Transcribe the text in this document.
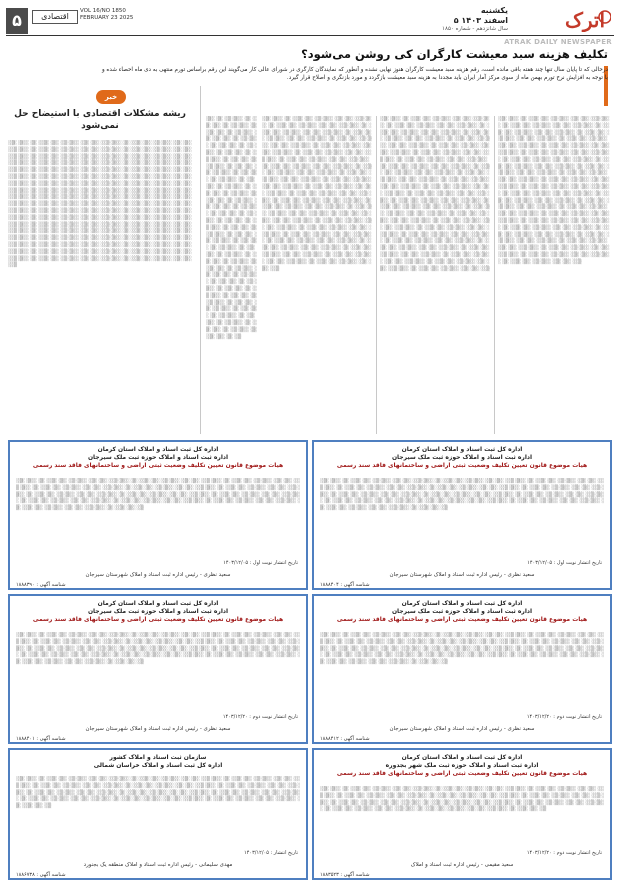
۵	اقتصادی
VOL 16/NO 1850
FEBRUARY 23 2025
یکشنبه
۵ اسفند ۱۴۰۳
سال شانزدهم - شماره ۱۸۵۰	اترک
ATRAK DAILY NEWSPAPER
تکلیف هزینه سبد معیشت کارگران کی روشن می‌شود؟
درحالی که تا پایان سال تنها چند هفته باقی مانده است، رقم هزینه سبد معیشت کارگران هنوز نهایی نشده و آنطور که نمایندگان کارگری در شورای عالی کار می‌گویند این رقم براساس تورم منتهی به دی ماه احصاء شده و با توجه به افزایش نرخ تورم بهمن ماه از سوی مرکز آمار ایران باید مجددا به هزینه سبد معیشت بازگردد و مورد بازنگری و اصلاح قرار گیرد.
░░▒░ ░▒░░░ ░▒░ ░░░▒░ ░▒░░ ░░▒ ░▒░░░ ░░▒░ ░▒░░ ░░░▒ ░▒░░░ ░▒░ ░░░▒░ ░▒░░ ░░▒ ░▒░░░ ░░▒░ ░▒░░ ░░░▒ ░▒░░░ ░▒░ ░░░▒░ ░▒░░ ░░▒ ░▒░░░ ░░▒░ ░▒░░ ░░░▒ ░▒░░░ ░▒░ ░░░▒░ ░▒░░ ░░▒ ░▒░░░ ░░▒░ ░▒░░ ░░░▒ ░▒░░░ ░▒░ ░░░▒░ ░▒░░ ░░▒ ░▒░░░ ░░▒░ ░▒░░ ░░░▒ ░▒░░░ ░▒░ ░░░▒░ ░▒░░ ░░▒ ░▒░░░ ░░▒░ ░▒░░ ░░░▒ ░▒░░░ ░▒░ ░░░▒░ ░▒░░ ░░▒ ░▒░░░ ░░▒░ ░▒░░ ░░░▒ ░▒░░░ ░▒░ ░░░▒░ ░▒░░ ░░▒ ░▒░░░ ░░▒░ ░▒░░ ░░░▒ ░▒░░░ ░▒░ ░░░▒░ ░▒░░ ░░▒ ░▒░░░ ░░▒░ ░▒░░ ░░░▒ ░▒░░░ ░▒░ ░░░▒░ ░▒░░ ░░▒ ░▒░░░ ░░▒░ ░▒░░ ░░░▒ ░▒░░░ ░▒░ ░░░▒░ ░▒░░ ░░▒ ░▒░░░ ░░▒░ ░▒░░ ░░░▒ ░▒░░░ ░▒░ ░░░▒░ ░▒░░ ░░▒ ░▒░░░ ░░▒░ ░▒░░ ░░░▒ ░▒░░░ ░▒░ ░░░▒░ ░▒░░ ░░▒ ░▒░░░ ░░▒░ ░▒░░ ░░░▒ ░▒░░░ ░▒░ ░░░▒░ ░▒░░ ░░▒ ░▒░░░ ░░▒░ ░▒░░ ░░░▒ ░▒░░░ ░▒░ ░░░▒░ ░▒░░ ░░▒ ░▒░░░ ░░▒░ ░▒░░ ░░░▒ ░▒░░░ ░▒░ ░░░▒░ ░▒░░ ░░▒ ░▒░░░ ░░▒░ ░▒░░ ░░░▒ ░▒░░░ ░▒░ ░░░▒░ ░▒░░ ░░▒ ░▒░░░ ░░▒░ ░▒░░ ░░░▒ ░▒░░░ ░▒░ ░░░▒░ ░▒░░ ░░▒ ░▒░░░ ░░▒░ ░▒░░ ░░░▒ ░▒░░░ ░▒░ ░░░▒░ ░▒░░ ░░▒ ░▒░░░ ░░▒░ ░▒░░ ░░░▒ ░▒░░░ ░▒░ ░░░▒░ ░▒░░ ░░▒ ░▒░░░ ░░▒░ ░▒░░ ░░░▒ ░▒░░░ ░▒░ ░░░▒░ ░▒░░ ░░▒ ░▒░░░ ░░▒░ ░▒░░ ░░░▒ ░▒░░░ ░▒░ ░░░▒░ ░▒░░ ░░▒ ░▒░░░ ░░▒░ ░▒░░ ░░░▒ ░▒░░░ ░▒░ ░░░▒░ ░▒░░ ░░▒ ░▒░░░ ░░▒░ ░▒░░ ░░░▒ ░▒░░░ ░▒░ ░░░▒░ ░▒░░ ░░▒ ░▒░░░ ░░▒░ ░▒░░ ░░░▒ ░▒░░░ ░▒░ ░░░▒░ ░▒░░ ░░▒ ░▒░░░ ░░▒░ ░▒░░ ░░░▒ ░▒░░░ ░▒░ ░░░▒░ ░▒░░ ░░▒ ░▒░░░ ░░▒░ ░▒░░ ░░░▒
░░▒░ ░▒░░░ ░▒░ ░░░▒░ ░▒░░ ░░▒ ░▒░░░ ░░▒░ ░▒░░ ░░░▒ ░▒░░░ ░▒░ ░░░▒░ ░▒░░ ░░▒ ░▒░░░ ░░▒░ ░▒░░ ░░░▒ ░▒░░░ ░▒░ ░░░▒░ ░▒░░ ░░▒ ░▒░░░ ░░▒░ ░▒░░ ░░░▒ ░▒░░░ ░▒░ ░░░▒░ ░▒░░ ░░▒ ░▒░░░ ░░▒░ ░▒░░ ░░░▒ ░▒░░░ ░▒░ ░░░▒░ ░▒░░ ░░▒ ░▒░░░ ░░▒░ ░▒░░ ░░░▒ ░▒░░░ ░▒░ ░░░▒░ ░▒░░ ░░▒ ░▒░░░ ░░▒░ ░▒░░ ░░░▒ ░▒░░░ ░▒░ ░░░▒░ ░▒░░ ░░▒ ░▒░░░ ░░▒░ ░▒░░ ░░░▒ ░▒░░░ ░▒░ ░░░▒░ ░▒░░ ░░▒ ░▒░░░ ░░▒░ ░▒░░ ░░░▒ ░▒░░░ ░▒░ ░░░▒░ ░▒░░ ░░▒ ░▒░░░ ░░▒░ ░▒░░ ░░░▒ ░▒░░░ ░▒░ ░░░▒░ ░▒░░ ░░▒ ░▒░░░ ░░▒░ ░▒░░ ░░░▒ ░▒░░░ ░▒░ ░░░▒░ ░▒░░ ░░▒ ░▒░░░ ░░▒░ ░▒░░ ░░░▒ ░▒░░░ ░▒░ ░░░▒░ ░▒░░ ░░▒ ░▒░░░ ░░▒░ ░▒░░ ░░░▒ ░▒░░░ ░▒░ ░░░▒░ ░▒░░ ░░▒ ░▒░░░ ░░▒░ ░▒░░ ░░░▒ ░▒░░░ ░▒░ ░░░▒░ ░▒░░ ░░▒ ░▒░░░ ░░▒░ ░▒░░ ░░░▒ ░▒░░░ ░▒░ ░░░▒░ ░▒░░ ░░▒ ░▒░░░ ░░▒░ ░▒░░ ░░░▒ ░▒░░░ ░▒░ ░░░▒░ ░▒░░ ░░▒ ░▒░░░ ░░▒░ ░▒░░ ░░░▒ ░▒░░░ ░▒░ ░░░▒░ ░▒░░ ░░▒ ░▒░░░ ░░▒░ ░▒░░ ░░░▒ ░▒░░░ ░▒░ ░░░▒░ ░▒░░ ░░▒ ░▒░░░ ░░▒░ ░▒░░ ░░░▒ ░▒░░░ ░▒░ ░░░▒░ ░▒░░ ░░▒ ░▒░░░ ░░▒░ ░▒░░ ░░░▒ ░▒░░░ ░▒░ ░░░▒░ ░▒░░ ░░▒ ░▒░░░ ░░▒░ ░▒░░ ░░░▒ ░▒░░░ ░▒░ ░░░▒░ ░▒░░ ░░▒ ░▒░░░ ░░▒░ ░▒░░ ░░░▒ ░▒░░░ ░▒░ ░░░▒░ ░▒░░ ░░▒ ░▒░░░ ░░▒░ ░▒░░ ░░░▒ ░▒░░░ ░▒░ ░░░▒░ ░▒░░ ░░▒ ░▒░░░ ░░▒░ ░▒░░ ░░░▒ ░▒░░░ ░▒░ ░░░▒░ ░▒░░ ░░▒ ░▒░░░ ░░▒░ ░▒░░ ░░░▒ ░▒░░░ ░▒░ ░░░▒░ ░▒░░ ░░▒ ░▒░░░ ░░▒░ ░▒░░ ░░░▒ ░▒░░░ ░▒░ ░░░▒░ ░▒░░ ░░▒ ░▒░░░ ░░▒░ ░▒░░ ░░░▒ ░▒░░░ ░▒░ ░░░▒░ ░▒░░ ░░▒ ░▒░░░ ░░▒░ ░▒░░ ░░░▒
░░▒░ ░▒░░░ ░▒░ ░░░▒░ ░▒░░ ░░▒ ░▒░░░ ░░▒░ ░▒░░ ░░░▒ ░▒░░░ ░▒░ ░░░▒░ ░▒░░ ░░▒ ░▒░░░ ░░▒░ ░▒░░ ░░░▒ ░▒░░░ ░▒░ ░░░▒░ ░▒░░ ░░▒ ░▒░░░ ░░▒░ ░▒░░ ░░░▒ ░▒░░░ ░▒░ ░░░▒░ ░▒░░ ░░▒ ░▒░░░ ░░▒░ ░▒░░ ░░░▒ ░▒░░░ ░▒░ ░░░▒░ ░▒░░ ░░▒ ░▒░░░ ░░▒░ ░▒░░ ░░░▒ ░▒░░░ ░▒░ ░░░▒░ ░▒░░ ░░▒ ░▒░░░ ░░▒░ ░▒░░ ░░░▒ ░▒░░░ ░▒░ ░░░▒░ ░▒░░ ░░▒ ░▒░░░ ░░▒░ ░▒░░ ░░░▒ ░▒░░░ ░▒░ ░░░▒░ ░▒░░ ░░▒ ░▒░░░ ░░▒░ ░▒░░ ░░░▒ ░▒░░░ ░▒░ ░░░▒░ ░▒░░ ░░▒ ░▒░░░ ░░▒░ ░▒░░ ░░░▒ ░▒░░░ ░▒░ ░░░▒░ ░▒░░ ░░▒ ░▒░░░ ░░▒░ ░▒░░ ░░░▒ ░▒░░░ ░▒░ ░░░▒░ ░▒░░ ░░▒ ░▒░░░ ░░▒░ ░▒░░ ░░░▒ ░▒░░░ ░▒░ ░░░▒░ ░▒░░ ░░▒ ░▒░░░ ░░▒░ ░▒░░ ░░░▒ ░▒░░░ ░▒░ ░░░▒░ ░▒░░ ░░▒ ░▒░░░ ░░▒░ ░▒░░ ░░░▒ ░▒░░░ ░▒░ ░░░▒░ ░▒░░ ░░▒ ░▒░░░ ░░▒░ ░▒░░ ░░░▒ ░▒░░░ ░▒░ ░░░▒░ ░▒░░ ░░▒ ░▒░░░ ░░▒░ ░▒░░ ░░░▒ ░▒░░░ ░▒░ ░░░▒░ ░▒░░ ░░▒ ░▒░░░ ░░▒░ ░▒░░ ░░░▒ ░▒░░░ ░▒░ ░░░▒░ ░▒░░ ░░▒ ░▒░░░ ░░▒░ ░▒░░ ░░░▒ ░▒░░░ ░▒░ ░░░▒░ ░▒░░ ░░▒ ░▒░░░ ░░▒░ ░▒░░ ░░░▒ ░▒░░░ ░▒░ ░░░▒░ ░▒░░ ░░▒ ░▒░░░ ░░▒░ ░▒░░ ░░░▒ ░▒░░░ ░▒░ ░░░▒░ ░▒░░ ░░▒ ░▒░░░ ░░▒░ ░▒░░ ░░░▒ ░▒░░░ ░▒░ ░░░▒░ ░▒░░ ░░▒ ░▒░░░ ░░▒░ ░▒░░ ░░░▒ ░▒░░░ ░▒░ ░░░▒░ ░▒░░ ░░▒ ░▒░░░ ░░▒░ ░▒░░ ░░░▒ ░▒░░░ ░▒░ ░░░▒░ ░▒░░ ░░▒ ░▒░░░ ░░▒░ ░▒░░ ░░░▒ ░▒░░░ ░▒░ ░░░▒░ ░▒░░ ░░▒ ░▒░░░ ░░▒░ ░▒░░ ░░░▒ ░▒░░░ ░▒░ ░░░▒░ ░▒░░ ░░▒ ░▒░░░ ░░▒░ ░▒░░ ░░░▒ ░▒░░░ ░▒░ ░░░▒░ ░▒░░ ░░▒ ░▒░░░ ░░▒░ ░▒░░ ░░░▒
░▒░░ ░▒░ ░░▒ ░▒░░░ ░▒░ ░░▒░ ░▒░░ ░▒░ ░░▒ ░▒░░░ ░▒░ ░░▒░ ░▒░░ ░▒░ ░░▒ ░▒░░░ ░▒░ ░░▒░ ░▒░░ ░▒░ ░░▒ ░▒░░░ ░▒░ ░░▒░ ░▒░░ ░▒░ ░░▒ ░▒░░░ ░▒░ ░░▒░ ░▒░░ ░▒░ ░░▒ ░▒░░░ ░▒░ ░░▒░ ░▒░░ ░▒░ ░░▒ ░▒░░░ ░▒░ ░░▒░ ░▒░░ ░▒░ ░░▒ ░▒░░░ ░▒░ ░░▒░ ░▒░░ ░▒░ ░░▒ ░▒░░░ ░▒░ ░░▒░ ░▒░░ ░▒░ ░░▒ ░▒░░░ ░▒░ ░░▒░ ░▒░░ ░▒░ ░░▒ ░▒░░░ ░▒░ ░░▒░ ░▒░░ ░▒░ ░░▒ ░▒░░░ ░▒░ ░░▒░ ░▒░░ ░▒░ ░░▒ ░▒░░░ ░▒░ ░░▒░ ░▒░░ ░▒░ ░░▒ ░▒░░░ ░▒░ ░░▒░ ░▒░░ ░▒░ ░░▒ ░▒░░░ ░▒░ ░░▒░ ░▒░░ ░▒░ ░░▒ ░▒░░░ ░▒░ ░░▒░ ░▒░░ ░▒░ ░░▒ ░▒░░░ ░▒░ ░░▒░ ░▒░░ ░▒░ ░░▒ ░▒░░░ ░▒░ ░░▒░ ░▒░░ ░▒░ ░░▒ ░▒░░░ ░▒░ ░░▒░ ░▒░░ ░▒░ ░░▒ ░▒░░░ ░▒░ ░░▒░ ░▒░░ ░▒░ ░░▒ ░▒░░░ ░▒░ ░░▒░ ░▒░░ ░▒░ ░░▒ ░▒░░░ ░▒░ ░░▒░ ░▒░░ ░▒░ ░░▒ ░▒░░░ ░▒░ ░░▒░ ░▒░░ ░▒░ ░░▒ ░▒░░░ ░▒░ ░░▒░ ░▒░░ ░▒░ ░░▒ ░▒░░░ ░▒░ ░░▒░ ░▒░░ ░▒░ ░░▒ ░▒░░░ ░▒░ ░░▒░ ░▒░░ ░▒░ ░░▒ ░▒░░░ ░▒░ ░░▒░ ░▒░░ ░▒░ ░░▒ ░▒░░░ ░▒░ ░░▒░ ░▒░░ ░▒░ ░░▒ ░▒░░░ ░▒░ ░░▒░ ░▒░░ ░▒░ ░░▒
خبر
ریشه مشکلات اقتصادی با استیضاح حل نمی‌شود
░░▒░ ░▒░░░ ░▒░ ░░░▒░ ░▒░░ ░░▒ ░▒░░░ ░░▒░ ░▒░░ ░░░▒ ░▒░░░ ░▒░ ░░░▒░ ░▒░░ ░░▒ ░▒░░░ ░░▒░ ░▒░░ ░░░▒ ░▒░░░ ░▒░ ░░░▒░ ░▒░░ ░░▒ ░▒░░░ ░░▒░ ░▒░░ ░░░▒ ░▒░░░ ░▒░ ░░░▒░ ░▒░░ ░░▒ ░▒░░░ ░░▒░ ░▒░░ ░░░▒ ░▒░░░ ░▒░ ░░░▒░ ░▒░░ ░░▒ ░▒░░░ ░░▒░ ░▒░░ ░░░▒ ░▒░░░ ░▒░ ░░░▒░ ░▒░░ ░░▒ ░▒░░░ ░░▒░ ░▒░░ ░░░▒ ░▒░░░ ░▒░ ░░░▒░ ░▒░░ ░░▒ ░▒░░░ ░░▒░ ░▒░░ ░░░▒ ░▒░░░ ░▒░ ░░░▒░ ░▒░░ ░░▒ ░▒░░░ ░░▒░ ░▒░░ ░░░▒ ░▒░░░ ░▒░ ░░░▒░ ░▒░░ ░░▒ ░▒░░░ ░░▒░ ░▒░░ ░░░▒ ░▒░░░ ░▒░ ░░░▒░ ░▒░░ ░░▒ ░▒░░░ ░░▒░ ░▒░░ ░░░▒ ░▒░░░ ░▒░ ░░░▒░ ░▒░░ ░░▒ ░▒░░░ ░░▒░ ░▒░░ ░░░▒ ░▒░░░ ░▒░ ░░░▒░ ░▒░░ ░░▒ ░▒░░░ ░░▒░ ░▒░░ ░░░▒ ░▒░░░ ░▒░ ░░░▒░ ░▒░░ ░░▒ ░▒░░░ ░░▒░ ░▒░░ ░░░▒ ░▒░░░ ░▒░ ░░░▒░ ░▒░░ ░░▒ ░▒░░░ ░░▒░ ░▒░░ ░░░▒ ░▒░░░ ░▒░ ░░░▒░ ░▒░░ ░░▒ ░▒░░░ ░░▒░ ░▒░░ ░░░▒ ░▒░░░ ░▒░ ░░░▒░ ░▒░░ ░░▒ ░▒░░░ ░░▒░ ░▒░░ ░░░▒ ░▒░░░ ░▒░ ░░░▒░ ░▒░░ ░░▒ ░▒░░░ ░░▒░ ░▒░░ ░░░▒ ░▒░░░ ░▒░ ░░░▒░ ░▒░░ ░░▒ ░▒░░░ ░░▒░ ░▒░░ ░░░▒ ░▒░░░ ░▒░ ░░░▒░ ░▒░░ ░░▒ ░▒░░░ ░░▒░ ░▒░░ ░░░▒ ░▒░░░ ░▒░ ░░░▒░ ░▒░░ ░░▒ ░▒░░░ ░░▒░ ░▒░░ ░░░▒ ░▒░░░ ░▒░ ░░░▒░ ░▒░░ ░░▒ ░▒░░░ ░░▒░ ░▒░░ ░░░▒ ░▒░░░ ░▒░ ░░░▒░ ░▒░░ ░░▒ ░▒░░░ ░░▒░ ░▒░░ ░░░▒ ░▒░░░ ░▒░ ░░░▒░ ░▒░░ ░░▒ ░▒░░░ ░░▒░ ░▒░░ ░░░▒ ░▒░░░ ░▒░ ░░░▒░ ░▒░░ ░░▒ ░▒░░░ ░░▒░ ░▒░░ ░░░▒ ░▒░░░ ░▒░ ░░░▒░ ░▒░░ ░░▒ ░▒░░░ ░░▒░ ░▒░░ ░░░▒ ░▒░░░ ░▒░ ░░░▒░ ░▒░░ ░░▒ ░▒░░░ ░░▒░ ░▒░░ ░░░▒ ░▒░░░ ░▒░ ░░░▒░ ░▒░░ ░░▒ ░▒░░░ ░░▒░ ░▒░░ ░░░▒ ░▒░░░ ░▒░ ░░░▒░ ░▒░░ ░░▒ ░▒░░░ ░░▒░ ░▒░░ ░░░▒ ░▒░░░ ░▒░ ░░░▒░ ░▒░░ ░░▒ ░▒░░░ ░░▒░ ░▒░░ ░░░▒ ░▒░░░ ░▒░ ░░░▒░ ░▒░░ ░░▒ ░▒░░░ ░░▒░ ░▒░░ ░░░▒ ░▒░░░ ░▒░ ░░░▒░ ░▒░░ ░░▒ ░▒░░░ ░░▒░ ░▒░░ ░░░▒ ░▒░░░ ░▒░ ░░░▒░ ░▒░░ ░░▒ ░▒░░░ ░░▒░ ░▒░░ ░░░▒ ░▒░░░ ░▒░ ░░░▒░ ░▒░░ ░░▒ ░▒░░░ ░░▒░ ░▒░░ ░░░▒ ░▒░░░ ░▒░ ░░░▒░ ░▒░░ ░░▒ ░▒░░░ ░░▒░ ░▒░░ ░░░▒ ░▒░░░ ░▒░ ░░░▒░ ░▒░░ ░░▒ ░▒░░░ ░░▒░ ░▒░░ ░░░▒ ░▒░░░ ░▒░ ░░░▒░ ░▒░░ ░░▒ ░▒░░░ ░░▒░ ░▒░░ ░░░▒
اداره کل ثبت اسناد و املاک استان کرمان
اداره ثبت اسناد و املاک حوزه ثبت ملک سیرجان
هیات موضوع قانون تعیین تکلیف وضعیت ثبتی اراضی و ساختمانهای فاقد سند رسمی
░░▒░ ░▒░░░ ░▒░ ░░░▒░ ░▒░░ ░░▒ ░▒░░░ ░░▒░ ░▒░░ ░░░▒ ░▒░░░ ░▒░ ░░░▒░ ░▒░░ ░░▒ ░▒░░░ ░░▒░ ░▒░░ ░░░▒ ░▒░░░ ░▒░ ░░░▒░ ░▒░░ ░░▒ ░▒░░░ ░░▒░ ░▒░░ ░░░▒ ░▒░░░ ░▒░ ░░░▒░ ░▒░░ ░░▒ ░▒░░░ ░░▒░ ░▒░░ ░░░▒ ░▒░░░ ░▒░ ░░░▒░ ░▒░░ ░░▒ ░▒░░░ ░░▒░ ░▒░░ ░░░▒ ░▒░░░ ░▒░ ░░░▒░ ░▒░░ ░░▒ ░▒░░░ ░░▒░ ░▒░░ ░░░▒ ░▒░░░ ░▒░ ░░░▒░ ░▒░░ ░░▒ ░▒░░░ ░░▒░ ░▒░░ ░░░▒ ░▒░░░ ░▒░ ░░░▒░ ░▒░░ ░░▒ ░▒░░░ ░░▒░ ░▒░░ ░░░▒ ░▒░░░ ░▒░ ░░░▒░ ░▒░░ ░░▒ ░▒░░░ ░░▒░ ░▒░░ ░░░▒ ░▒░░░ ░▒░ ░░░▒░ ░▒░░ ░░▒ ░▒░░░ ░░▒░ ░▒░░ ░░░▒ ░▒░░░ ░▒░ ░░░▒░ ░▒░░ ░░▒ ░▒░░░ ░░▒░ ░▒░░ ░░░▒ ░▒░░░ ░▒░ ░░░▒░ ░▒░░ ░░▒ ░▒░░░ ░░▒░ ░▒░░ ░░░▒ ░▒░░░ ░▒░ ░░░▒░ ░▒░░ ░░▒ ░▒░░░ ░░▒░ ░▒░░ ░░░▒ ░▒░░░ ░▒░ ░░░▒░ ░▒░░ ░░▒
تاریخ انتشار نوبت اول : ۱۴۰۳/۱۲/۰۵
سعید نظری - رئیس اداره ثبت اسناد و املاک شهرستان سیرجان
شناسه آگهی : ۱۸۸۸۴۰۴
اداره کل ثبت اسناد و املاک استان کرمان
اداره ثبت اسناد و املاک حوزه ثبت ملک سیرجان
هیات موضوع قانون تعیین تکلیف وضعیت ثبتی اراضی و ساختمانهای فاقد سند رسمی
░░▒░ ░▒░░░ ░▒░ ░░░▒░ ░▒░░ ░░▒ ░▒░░░ ░░▒░ ░▒░░ ░░░▒ ░▒░░░ ░▒░ ░░░▒░ ░▒░░ ░░▒ ░▒░░░ ░░▒░ ░▒░░ ░░░▒ ░▒░░░ ░▒░ ░░░▒░ ░▒░░ ░░▒ ░▒░░░ ░░▒░ ░▒░░ ░░░▒ ░▒░░░ ░▒░ ░░░▒░ ░▒░░ ░░▒ ░▒░░░ ░░▒░ ░▒░░ ░░░▒ ░▒░░░ ░▒░ ░░░▒░ ░▒░░ ░░▒ ░▒░░░ ░░▒░ ░▒░░ ░░░▒ ░▒░░░ ░▒░ ░░░▒░ ░▒░░ ░░▒ ░▒░░░ ░░▒░ ░▒░░ ░░░▒ ░▒░░░ ░▒░ ░░░▒░ ░▒░░ ░░▒ ░▒░░░ ░░▒░ ░▒░░ ░░░▒ ░▒░░░ ░▒░ ░░░▒░ ░▒░░ ░░▒ ░▒░░░ ░░▒░ ░▒░░ ░░░▒ ░▒░░░ ░▒░ ░░░▒░ ░▒░░ ░░▒ ░▒░░░ ░░▒░ ░▒░░ ░░░▒ ░▒░░░ ░▒░ ░░░▒░ ░▒░░ ░░▒ ░▒░░░ ░░▒░ ░▒░░ ░░░▒ ░▒░░░ ░▒░ ░░░▒░ ░▒░░ ░░▒ ░▒░░░ ░░▒░ ░▒░░ ░░░▒ ░▒░░░ ░▒░ ░░░▒░ ░▒░░ ░░▒ ░▒░░░ ░░▒░ ░▒░░ ░░░▒ ░▒░░░ ░▒░ ░░░▒░ ░▒░░ ░░▒ ░▒░░░ ░░▒░ ░▒░░ ░░░▒ ░▒░░░ ░▒░ ░░░▒░ ░▒░░ ░░▒
تاریخ انتشار نوبت اول : ۱۴۰۳/۱۲/۰۵
سعید نظری - رئیس اداره ثبت اسناد و املاک شهرستان سیرجان
شناسه آگهی : ۱۸۸۸۳۹۰
اداره کل ثبت اسناد و املاک استان کرمان
اداره ثبت اسناد و املاک حوزه ثبت ملک سیرجان
هیات موضوع قانون تعیین تکلیف وضعیت ثبتی اراضی و ساختمانهای فاقد سند رسمی
░░▒░ ░▒░░░ ░▒░ ░░░▒░ ░▒░░ ░░▒ ░▒░░░ ░░▒░ ░▒░░ ░░░▒ ░▒░░░ ░▒░ ░░░▒░ ░▒░░ ░░▒ ░▒░░░ ░░▒░ ░▒░░ ░░░▒ ░▒░░░ ░▒░ ░░░▒░ ░▒░░ ░░▒ ░▒░░░ ░░▒░ ░▒░░ ░░░▒ ░▒░░░ ░▒░ ░░░▒░ ░▒░░ ░░▒ ░▒░░░ ░░▒░ ░▒░░ ░░░▒ ░▒░░░ ░▒░ ░░░▒░ ░▒░░ ░░▒ ░▒░░░ ░░▒░ ░▒░░ ░░░▒ ░▒░░░ ░▒░ ░░░▒░ ░▒░░ ░░▒ ░▒░░░ ░░▒░ ░▒░░ ░░░▒ ░▒░░░ ░▒░ ░░░▒░ ░▒░░ ░░▒ ░▒░░░ ░░▒░ ░▒░░ ░░░▒ ░▒░░░ ░▒░ ░░░▒░ ░▒░░ ░░▒ ░▒░░░ ░░▒░ ░▒░░ ░░░▒ ░▒░░░ ░▒░ ░░░▒░ ░▒░░ ░░▒ ░▒░░░ ░░▒░ ░▒░░ ░░░▒ ░▒░░░ ░▒░ ░░░▒░ ░▒░░ ░░▒ ░▒░░░ ░░▒░ ░▒░░ ░░░▒ ░▒░░░ ░▒░ ░░░▒░ ░▒░░ ░░▒ ░▒░░░ ░░▒░ ░▒░░ ░░░▒ ░▒░░░ ░▒░ ░░░▒░ ░▒░░ ░░▒ ░▒░░░ ░░▒░ ░▒░░ ░░░▒ ░▒░░░ ░▒░ ░░░▒░ ░▒░░ ░░▒ ░▒░░░ ░░▒░ ░▒░░ ░░░▒ ░▒░░░ ░▒░ ░░░▒░ ░▒░░ ░░▒
تاریخ انتشار نوبت دوم : ۱۴۰۳/۱۲/۲۰
سعید نظری - رئیس اداره ثبت اسناد و املاک شهرستان سیرجان
شناسه آگهی : ۱۸۸۸۴۱۲
اداره کل ثبت اسناد و املاک استان کرمان
اداره ثبت اسناد و املاک حوزه ثبت ملک سیرجان
هیات موضوع قانون تعیین تکلیف وضعیت ثبتی اراضی و ساختمانهای فاقد سند رسمی
░░▒░ ░▒░░░ ░▒░ ░░░▒░ ░▒░░ ░░▒ ░▒░░░ ░░▒░ ░▒░░ ░░░▒ ░▒░░░ ░▒░ ░░░▒░ ░▒░░ ░░▒ ░▒░░░ ░░▒░ ░▒░░ ░░░▒ ░▒░░░ ░▒░ ░░░▒░ ░▒░░ ░░▒ ░▒░░░ ░░▒░ ░▒░░ ░░░▒ ░▒░░░ ░▒░ ░░░▒░ ░▒░░ ░░▒ ░▒░░░ ░░▒░ ░▒░░ ░░░▒ ░▒░░░ ░▒░ ░░░▒░ ░▒░░ ░░▒ ░▒░░░ ░░▒░ ░▒░░ ░░░▒ ░▒░░░ ░▒░ ░░░▒░ ░▒░░ ░░▒ ░▒░░░ ░░▒░ ░▒░░ ░░░▒ ░▒░░░ ░▒░ ░░░▒░ ░▒░░ ░░▒ ░▒░░░ ░░▒░ ░▒░░ ░░░▒ ░▒░░░ ░▒░ ░░░▒░ ░▒░░ ░░▒ ░▒░░░ ░░▒░ ░▒░░ ░░░▒ ░▒░░░ ░▒░ ░░░▒░ ░▒░░ ░░▒ ░▒░░░ ░░▒░ ░▒░░ ░░░▒ ░▒░░░ ░▒░ ░░░▒░ ░▒░░ ░░▒ ░▒░░░ ░░▒░ ░▒░░ ░░░▒ ░▒░░░ ░▒░ ░░░▒░ ░▒░░ ░░▒ ░▒░░░ ░░▒░ ░▒░░ ░░░▒ ░▒░░░ ░▒░ ░░░▒░ ░▒░░ ░░▒ ░▒░░░ ░░▒░ ░▒░░ ░░░▒ ░▒░░░ ░▒░ ░░░▒░ ░▒░░ ░░▒ ░▒░░░ ░░▒░ ░▒░░ ░░░▒ ░▒░░░ ░▒░ ░░░▒░ ░▒░░ ░░▒
تاریخ انتشار نوبت دوم : ۱۴۰۳/۱۲/۲۰
سعید نظری - رئیس اداره ثبت اسناد و املاک شهرستان سیرجان
شناسه آگهی : ۱۸۸۸۴۰۱
اداره کل ثبت اسناد و املاک استان کرمان
اداره ثبت اسناد و املاک حوزه ثبت ملک شهر بجدوره
هیات موضوع قانون تعیین تکلیف وضعیت ثبتی اراضی و ساختمانهای فاقد سند رسمی
░░▒░ ░▒░░░ ░▒░ ░░░▒░ ░▒░░ ░░▒ ░▒░░░ ░░▒░ ░▒░░ ░░░▒ ░▒░░░ ░▒░ ░░░▒░ ░▒░░ ░░▒ ░▒░░░ ░░▒░ ░▒░░ ░░░▒ ░▒░░░ ░▒░ ░░░▒░ ░▒░░ ░░▒ ░▒░░░ ░░▒░ ░▒░░ ░░░▒ ░▒░░░ ░▒░ ░░░▒░ ░▒░░ ░░▒ ░▒░░░ ░░▒░ ░▒░░ ░░░▒ ░▒░░░ ░▒░ ░░░▒░ ░▒░░ ░░▒ ░▒░░░ ░░▒░ ░▒░░ ░░░▒ ░▒░░░ ░▒░ ░░░▒░ ░▒░░ ░░▒ ░▒░░░ ░░▒░ ░▒░░ ░░░▒ ░▒░░░ ░▒░ ░░░▒░ ░▒░░ ░░▒ ░▒░░░ ░░▒░ ░▒░░ ░░░▒ ░▒░░░ ░▒░ ░░░▒░ ░▒░░ ░░▒ ░▒░░░ ░░▒░ ░▒░░ ░░░▒ ░▒░░░ ░▒░ ░░░▒░ ░▒░░ ░░▒ ░▒░░░ ░░▒░ ░▒░░ ░░░▒ ░▒░░░ ░▒░ ░░░▒░ ░▒░░ ░░▒ ░▒░░░ ░░▒░ ░▒░░ ░░░▒ ░▒░░░ ░▒░ ░░░▒░ ░▒░░ ░░▒ ░▒░░░ ░░▒░ ░▒░░ ░░░▒ ░▒░░░ ░▒░ ░░░▒░ ░▒░░ ░░▒
تاریخ انتشار نوبت دوم : ۱۴۰۳/۱۲/۲۰
سعید مقیمی - رئیس اداره ثبت اسناد و املاک
شناسه آگهی : ۱۸۸۳۵۲۳
سازمان ثبت اسناد و املاک کشور
اداره کل ثبت اسناد و املاک خراسان شمالی
░░▒░ ░▒░░░ ░▒░ ░░░▒░ ░▒░░ ░░▒ ░▒░░░ ░░▒░ ░▒░░ ░░░▒ ░▒░░░ ░▒░ ░░░▒░ ░▒░░ ░░▒ ░▒░░░ ░░▒░ ░▒░░ ░░░▒ ░▒░░░ ░▒░ ░░░▒░ ░▒░░ ░░▒ ░▒░░░ ░░▒░ ░▒░░ ░░░▒ ░▒░░░ ░▒░ ░░░▒░ ░▒░░ ░░▒ ░▒░░░ ░░▒░ ░▒░░ ░░░▒ ░▒░░░ ░▒░ ░░░▒░ ░▒░░ ░░▒ ░▒░░░ ░░▒░ ░▒░░ ░░░▒ ░▒░░░ ░▒░ ░░░▒░ ░▒░░ ░░▒ ░▒░░░ ░░▒░ ░▒░░ ░░░▒ ░▒░░░ ░▒░ ░░░▒░ ░▒░░ ░░▒ ░▒░░░ ░░▒░ ░▒░░ ░░░▒ ░▒░░░ ░▒░ ░░░▒░ ░▒░░ ░░▒ ░▒░░░ ░░▒░ ░▒░░ ░░░▒ ░▒░░░ ░▒░ ░░░▒░ ░▒░░ ░░▒ ░▒░░░ ░░▒░ ░▒░░ ░░░▒ ░▒░░░ ░▒░ ░░░▒░ ░▒░░ ░░▒ ░▒░░░ ░░▒░ ░▒░░ ░░░▒ ░▒░░░ ░▒░ ░░░▒░ ░▒░░ ░░▒ ░▒░░░ ░░▒░ ░▒░░ ░░░▒ ░▒░░░ ░▒░ ░░░▒░ ░▒░░ ░░▒ ░▒░░░ ░░▒░ ░▒░░ ░░░▒ ░▒░░░ ░▒░ ░░░▒░ ░▒░░ ░░▒
تاریخ انتشار : ۱۴۰۳/۱۲/۰۵
مهدی سلیمانی - رئیس اداره ثبت اسناد و املاک منطقه یک بجنورد
شناسه آگهی : ۱۸۸۶۷۳۸
